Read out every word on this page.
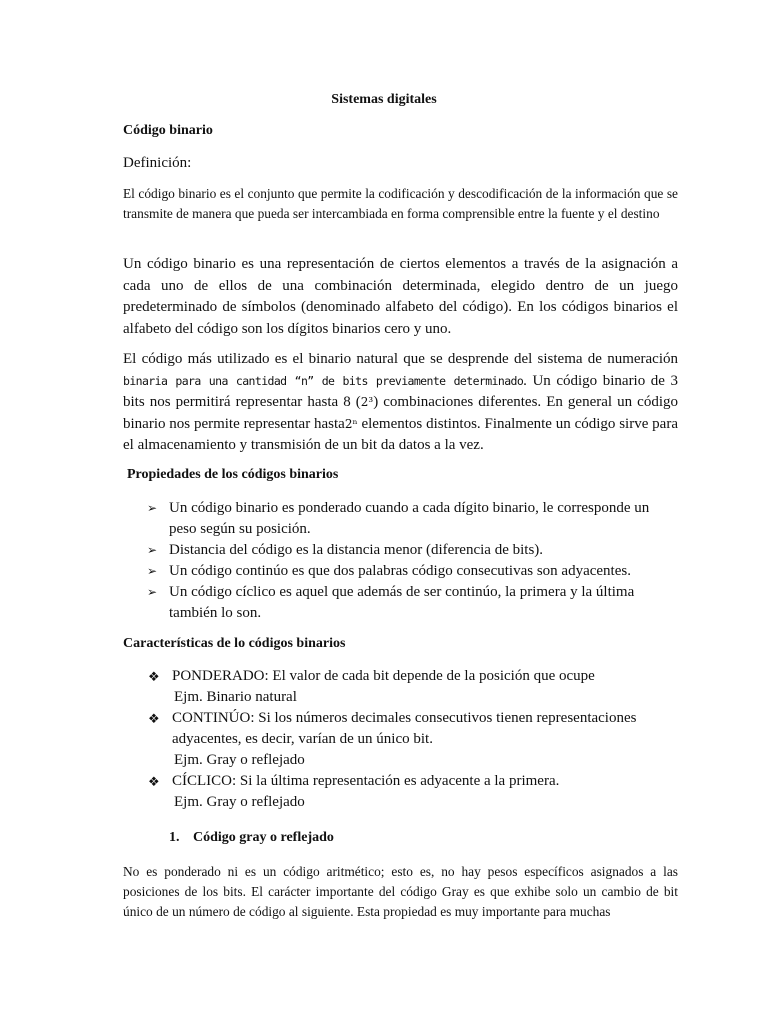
Sistemas digitales
Código binario
Definición:

El código binario es el conjunto que permite la codificación y descodificación de la información que se transmite de manera que pueda ser intercambiada en forma comprensible entre la fuente y el destino

Un código binario es una representación de ciertos elementos a través de la asignación a cada uno de ellos de una combinación determinada, elegido dentro de un juego predeterminado de símbolos (denominado alfabeto del código). En los códigos binarios el alfabeto del código son los dígitos binarios cero y uno.

El código más utilizado es el binario natural que se desprende del sistema de numeración binaria para una cantidad “n” de bits previamente determinado. Un código binario de 3 bits nos permitirá representar hasta 8 (2³) combinaciones diferentes. En general un código binario nos permite representar hasta2ⁿ elementos distintos. Finalmente un código sirve para el almacenamiento y transmisión de un bit da datos a la vez.

Propiedades de los códigos binarios
➢ Un código binario es ponderado cuando a cada dígito binario, le corresponde un peso según su posición.
➢ Distancia del código es la distancia menor (diferencia de bits).
➢ Un código continúo es que dos palabras código consecutivas son adyacentes.
➢ Un código cíclico es aquel que además de ser continúo, la primera y la última también lo son.
Características de lo códigos binarios
❖ PONDERADO: El valor de cada bit depende de la posición que ocupe
Ejm. Binario natural
❖ CONTINÚO: Si los números decimales consecutivos tienen representaciones adyacentes, es decir, varían de un único bit.
Ejm. Gray o reflejado
❖ CÍCLICO: Si la última representación es adyacente a la primera.
Ejm. Gray o reflejado
1. Código gray o reflejado

No es ponderado ni es un código aritmético; esto es, no hay pesos específicos asignados a las posiciones de los bits. El carácter importante del código Gray es que exhibe solo un cambio de bit único de un número de código al siguiente. Esta propiedad es muy importante para muchas
